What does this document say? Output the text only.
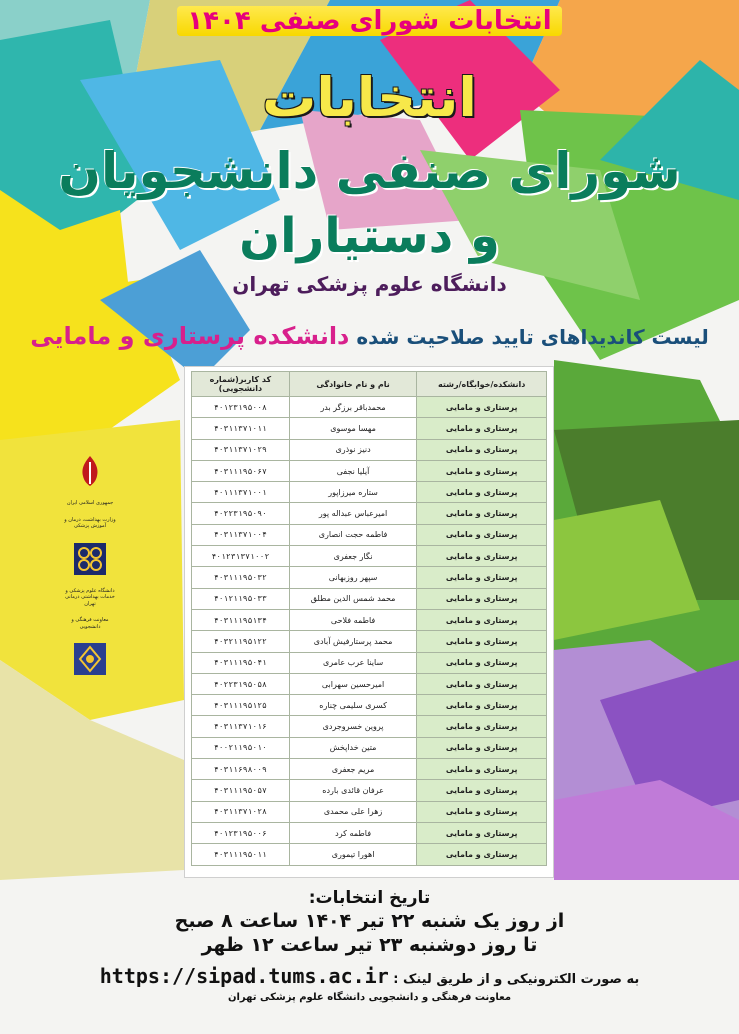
انتخابات شورای صنفی ۱۴۰۴
انتخابات
شورای صنفی دانشجویان
و دستیاران
دانشگاه علوم پزشکی تهران
لیست کاندیداهای تایید صلاحیت شده دانشکده پرستاری و مامایی
دانشکده/خوابگاه/رشته	نام و نام خانوادگی	کد کاربر(شماره دانشجویی)
پرستاری و مامایی	محمدباقر برزگر بدر	۴۰۱۲۳۱۹۵۰۰۸
پرستاری و مامایی	مهسا موسوی	۴۰۳۱۱۳۷۱۰۱۱
پرستاری و مامایی	دنیز نوذری	۴۰۳۱۱۳۷۱۰۲۹
پرستاری و مامایی	آیلیا نجفی	۴۰۳۱۱۱۹۵۰۶۷
پرستاری و مامایی	ستاره میرزاپور	۴۰۱۱۱۳۷۱۰۰۱
پرستاری و مامایی	امیرعباس عبداله پور	۴۰۲۲۳۱۹۵۰۹۰
پرستاری و مامایی	فاطمه حجت انصاری	۴۰۳۱۱۳۷۱۰۰۴
پرستاری و مامایی	نگار جعفری	۴۰۱۲۳۱۳۷۱۰۰۲
پرستاری و مامایی	سپهر روزبهانی	۴۰۳۱۱۱۹۵۰۳۲
پرستاری و مامایی	محمد شمس الدین مطلق	۴۰۱۲۱۱۹۵۰۳۳
پرستاری و مامایی	فاطمه فلاحی	۴۰۳۱۱۱۹۵۱۳۴
پرستاری و مامایی	محمد پرستارفیش آبادی	۴۰۳۲۱۱۹۵۱۲۲
پرستاری و مامایی	ساینا عرب عامری	۴۰۳۱۱۱۹۵۰۴۱
پرستاری و مامایی	امیرحسین سهرابی	۴۰۲۲۳۱۹۵۰۵۸
پرستاری و مامایی	کسری سلیمی چناره	۴۰۳۱۱۱۹۵۱۲۵
پرستاری و مامایی	پروین خسروجردی	۴۰۳۱۱۳۷۱۰۱۶
پرستاری و مامایی	متین خداپخش	۴۰۰۲۱۱۹۵۰۱۰
پرستاری و مامایی	مریم جعفری	۴۰۳۱۱۶۹۸۰۰۹
پرستاری و مامایی	عرفان قائدی بارده	۴۰۳۱۱۱۹۵۰۵۷
پرستاری و مامایی	زهرا علی محمدی	۴۰۳۱۱۳۷۱۰۲۸
پرستاری و مامایی	فاطمه کرد	۴۰۱۲۳۱۹۵۰۰۶
پرستاری و مامایی	اهورا تیموری	۴۰۳۱۱۱۹۵۰۱۱
جمهوری اسلامی ایران
وزارت بهداشت، درمان و آموزش پزشکی
دانشگاه علوم پزشکی و خدمات بهداشتی درمانی تهران
معاونت فرهنگی و دانشجویی
تاریخ انتخابات:
از روز یک شنبه ۲۲ تیر ۱۴۰۴ ساعت ۸ صبح
تا روز دوشنبه ۲۳ تیر ساعت ۱۲ ظهر
به صورت الکترونیکی و از طریق لینک : https://sipad.tums.ac.ir
معاونت فرهنگی و دانشجویی دانشگاه علوم پزشکی تهران
